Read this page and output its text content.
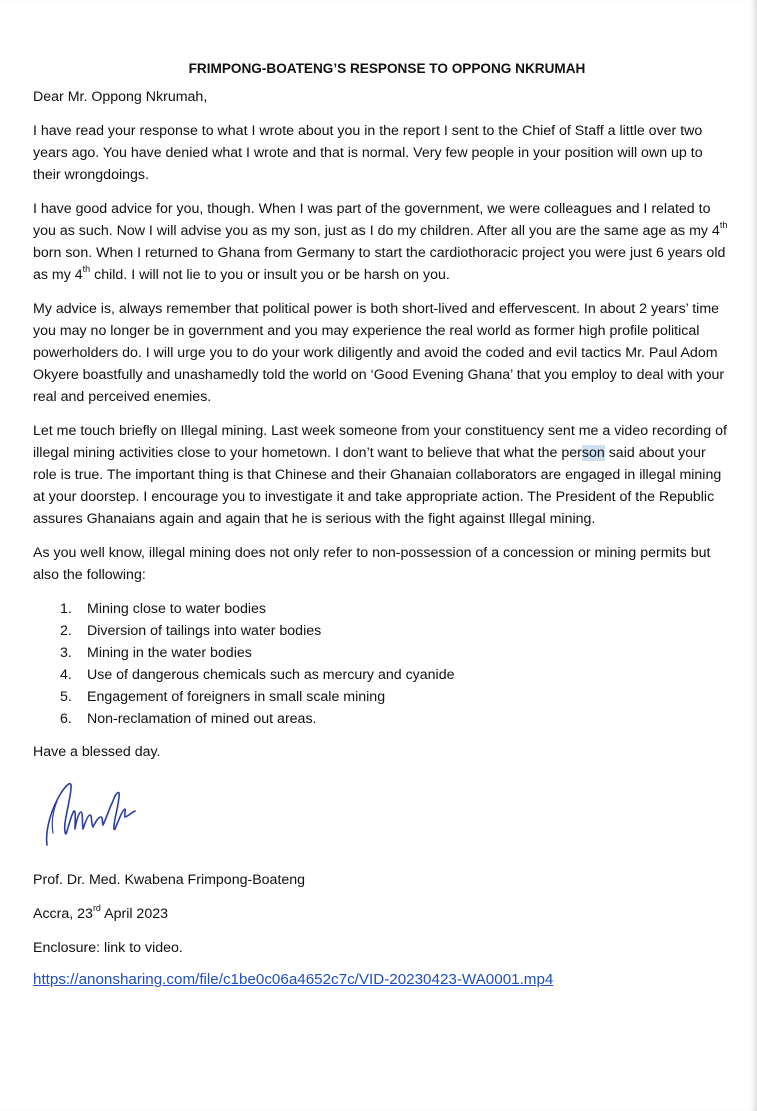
FRIMPONG-BOATENG’S RESPONSE TO OPPONG NKRUMAH

Dear Mr. Oppong Nkrumah,

I have read your response to what I wrote about you in the report I sent to the Chief of Staff a little over two years ago. You have denied what I wrote and that is normal. Very few people in your position will own up to their wrongdoings.

I have good advice for you, though. When I was part of the government, we were colleagues and I related to you as such. Now I will advise you as my son, just as I do my children. After all you are the same age as my 4th born son. When I returned to Ghana from Germany to start the cardiothoracic project you were just 6 years old as my 4th child. I will not lie to you or insult you or be harsh on you.

My advice is, always remember that political power is both short-lived and effervescent. In about 2 years’ time you may no longer be in government and you may experience the real world as former high profile political powerholders do. I will urge you to do your work diligently and avoid the coded and evil tactics Mr. Paul Adom Okyere boastfully and unashamedly told the world on ‘Good Evening Ghana’ that you employ to deal with your real and perceived enemies.

Let me touch briefly on Illegal mining. Last week someone from your constituency sent me a video recording of illegal mining activities close to your hometown. I don’t want to believe that what the person said about your role is true. The important thing is that Chinese and their Ghanaian collaborators are engaged in illegal mining at your doorstep. I encourage you to investigate it and take appropriate action. The President of the Republic assures Ghanaians again and again that he is serious with the fight against Illegal mining.

As you well know, illegal mining does not only refer to non-possession of a concession or mining permits but also the following:

1. Mining close to water bodies
2. Diversion of tailings into water bodies
3. Mining in the water bodies
4. Use of dangerous chemicals such as mercury and cyanide
5. Engagement of foreigners in small scale mining
6. Non-reclamation of mined out areas.

Have a blessed day.

Prof. Dr. Med. Kwabena Frimpong-Boateng

Accra, 23rd April 2023

Enclosure: link to video.

https://anonsharing.com/file/c1be0c06a4652c7c/VID-20230423-WA0001.mp4
